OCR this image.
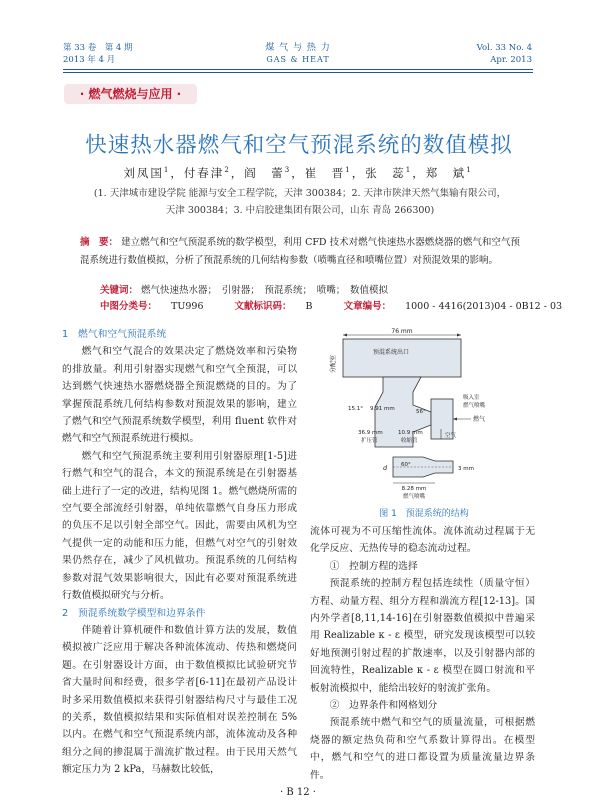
第 33 卷　第 4 期
2013 年 4 月
煤 气 与 热 力
GAS & HEAT
Vol. 33 No. 4
Apr. 2013
· 燃气燃烧与应用 ·
快速热水器燃气和空气预混系统的数值模拟
刘凤国$^1$，付春津$^2$，阎　蕾$^3$，崔　晋$^1$，张　蕊$^1$，郑　斌$^1$
(1. 天津城市建设学院 能源与安全工程学院，天津 300384；2. 天津市陕津天然气集输有限公司，天津 300384；3. 中启胶建集团有限公司，山东 青岛 266300)
摘　要： 建立燃气和空气预混系统的数学模型，利用 CFD 技术对燃气快速热水器燃烧器的燃气和空气预混系统进行数值模拟，分析了预混系统的几何结构参数（喷嘴直径和喷嘴位置）对预混效果的影响。
关键词： 燃气快速热水器；　引射器；　预混系统；　喷嘴；　数值模拟
中图分类号： TU996	文献标识码： B	文章编号： 1000 - 4416(2013)04 - 0B12 - 03

1　燃气和空气预混系统

燃气和空气混合的效果决定了燃烧效率和污染物的排放量。利用引射器实现燃气和空气全预混，可以达到燃气快速热水器燃烧器全预混燃烧的目的。为了掌握预混系统几何结构参数对预混效果的影响，建立了燃气和空气预混系统数学模型，利用 fluent 软件对燃气和空气预混系统进行模拟。

燃气和空气预混系统主要利用引射器原理[1-5]进行燃气和空气的混合，本文的预混系统是在引射器基础上进行了一定的改进，结构见图 1。燃气燃烧所需的空气要全部流经引射器，单纯依靠燃气自身压力形成的负压不足以引射全部空气。因此，需要由风机为空气提供一定的动能和压力能，但燃气对空气的引射效果仍然存在，减少了风机做功。预混系统的几何结构参数对混气效果影响很大，因此有必要对预混系统进行数值模拟研究与分析。

2　预混系统数学模型和边界条件

伴随着计算机硬件和数值计算方法的发展，数值模拟被广泛应用于解决各种流体流动、传热和燃烧问题。在引射器设计方面，由于数值模拟比试验研究节省大量时间和经费，很多学者[6-11]在最初产品设计时多采用数值模拟来获得引射器结构尺寸与最佳工况的关系，数值模拟结果和实际值相对误差控制在 5% 以内。在燃气和空气预混系统内部，流体流动及各种组分之间的掺混属于湍流扩散过程。由于民用天然气额定压力为 2 kPa，马赫数比较低，

76 mm
预混系统出口
分配室
吸入室
燃气喷嘴
燃气
空气
15.1° 9.91 mm	56°
36.9 mm
扩压管
10.9 mm
收缩管
d	60°
3 mm
8.28 mm
燃气喷嘴
图 1　预混系统的结构

流体可视为不可压缩性流体。流体流动过程属于无化学反应、无热传导的稳态流动过程。

①　控制方程的选择

预混系统的控制方程包括连续性（质量守恒）方程、动量方程、组分方程和湍流方程[12-13]。国内外学者[8,11,14-16]在引射器数值模拟中普遍采用 Realizable κ - ε 模型，研究发现该模型可以较好地预测引射过程的扩散速率，以及引射器内部的回流特性，Realizable κ - ε 模型在圆口射流和平板射流模拟中，能给出较好的射流扩张角。

②　边界条件和网格划分

预混系统中燃气和空气的质量流量，可根据燃烧器的额定热负荷和空气系数计算得出。在模型中，燃气和空气的进口都设置为质量流量边界条件。

· B 12 ·
